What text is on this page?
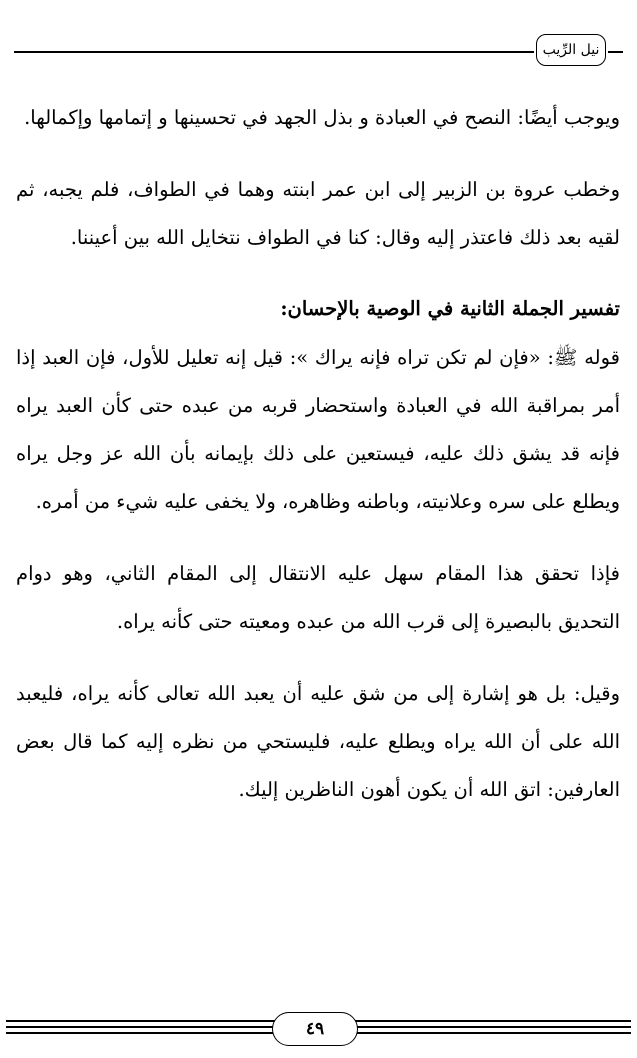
نيل الرِّيب

ويوجب أيضًا: النصح في العبادة و بذل الجهد في تحسينها و إتمامها وإكمالها.

وخطب عروة بن الزبير إلى ابن عمر ابنته وهما في الطواف، فلم يجبه، ثم لقيه بعد ذلك فاعتذر إليه وقال: كنا في الطواف نتخايل الله بين أعيننا.

تفسير الجملة الثانية في الوصية بالإحسان:

قوله ﷺ: «فإن لم تكن تراه فإنه يراك »: قيل إنه تعليل للأول، فإن العبد إذا أمر بمراقبة الله في العبادة واستحضار قربه من عبده حتى كأن العبد يراه فإنه قد يشق ذلك عليه، فيستعين على ذلك بإيمانه بأن الله عز وجل يراه ويطلع على سره وعلانيته، وباطنه وظاهره، ولا يخفى عليه شيء من أمره.

فإذا تحقق هذا المقام سهل عليه الانتقال إلى المقام الثاني، وهو دوام التحديق بالبصيرة إلى قرب الله من عبده ومعيته حتى كأنه يراه.

وقيل: بل هو إشارة إلى من شق عليه أن يعبد الله تعالى كأنه يراه، فليعبد الله على أن الله يراه ويطلع عليه، فليستحي من نظره إليه كما قال بعض العارفين: اتق الله أن يكون أهون الناظرين إليك.

٤٩
